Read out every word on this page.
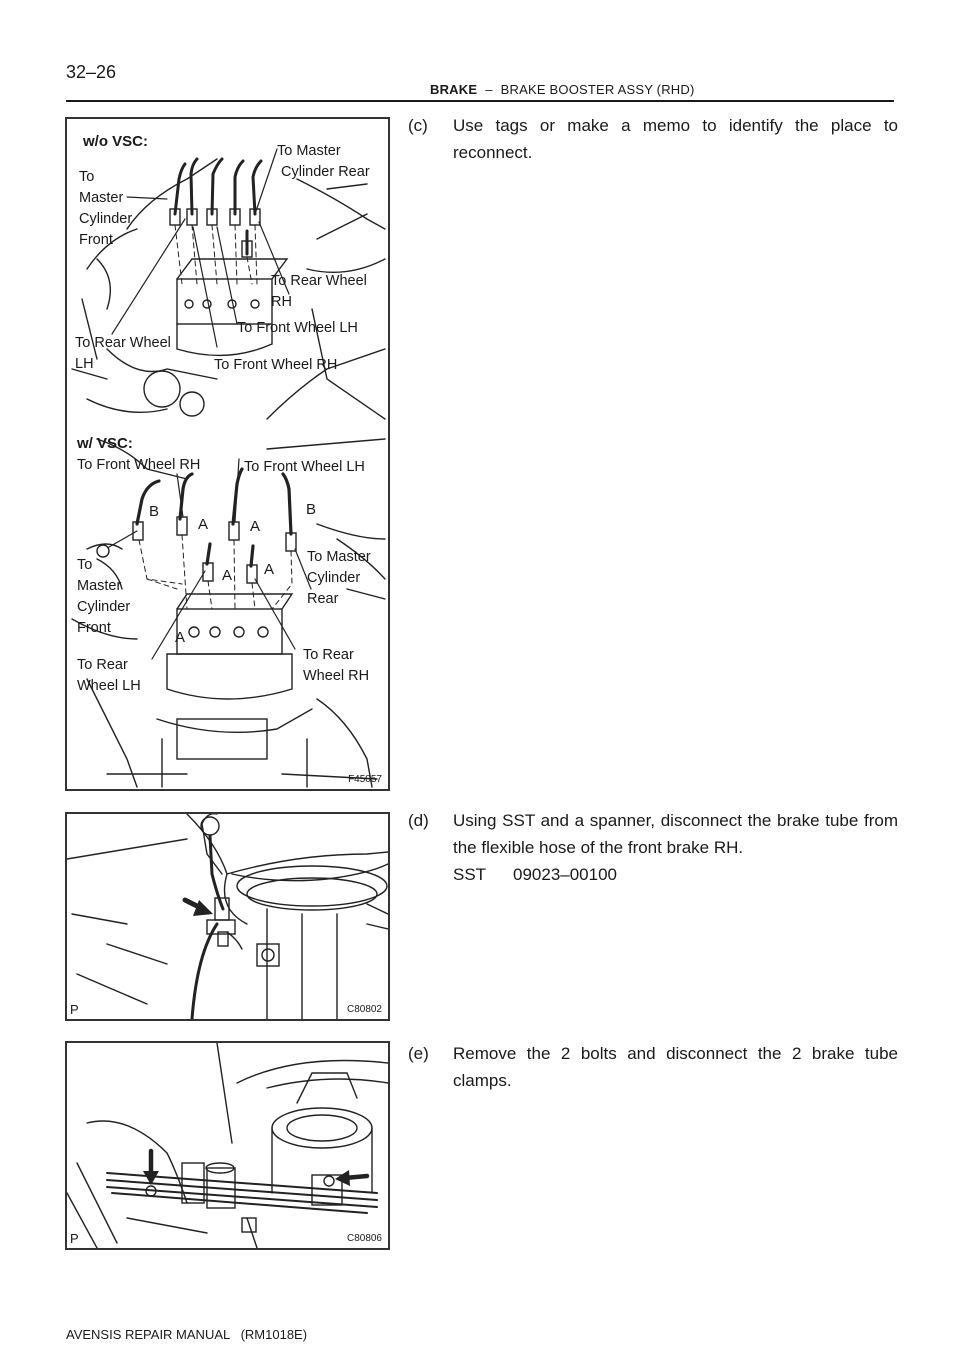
32–26
BRAKE – BRAKE BOOSTER ASSY (RHD)
w/o VSC:
To
Master
Cylinder
Front
To Master
Cylinder Rear
To Rear Wheel
RH
To Front Wheel LH
To Rear Wheel
LH	To Front Wheel RH
w/ VSC:
To Front Wheel RH	To Front Wheel LH
To
Master
Cylinder
Front
To Master
Cylinder
Rear
To Rear
Wheel LH
To Rear
Wheel RH
B	B
A	A
A A
A
F45057
P	C80802
P	C80806
(c) Use tags or make a memo to identify the place to reconnect.

(d) Using SST and a spanner, disconnect the brake tube from the flexible hose of the front brake RH.

SST 09023–00100

(e) Remove the 2 bolts and disconnect the 2 brake tube clamps.

AVENSIS REPAIR MANUAL   (RM1018E)
